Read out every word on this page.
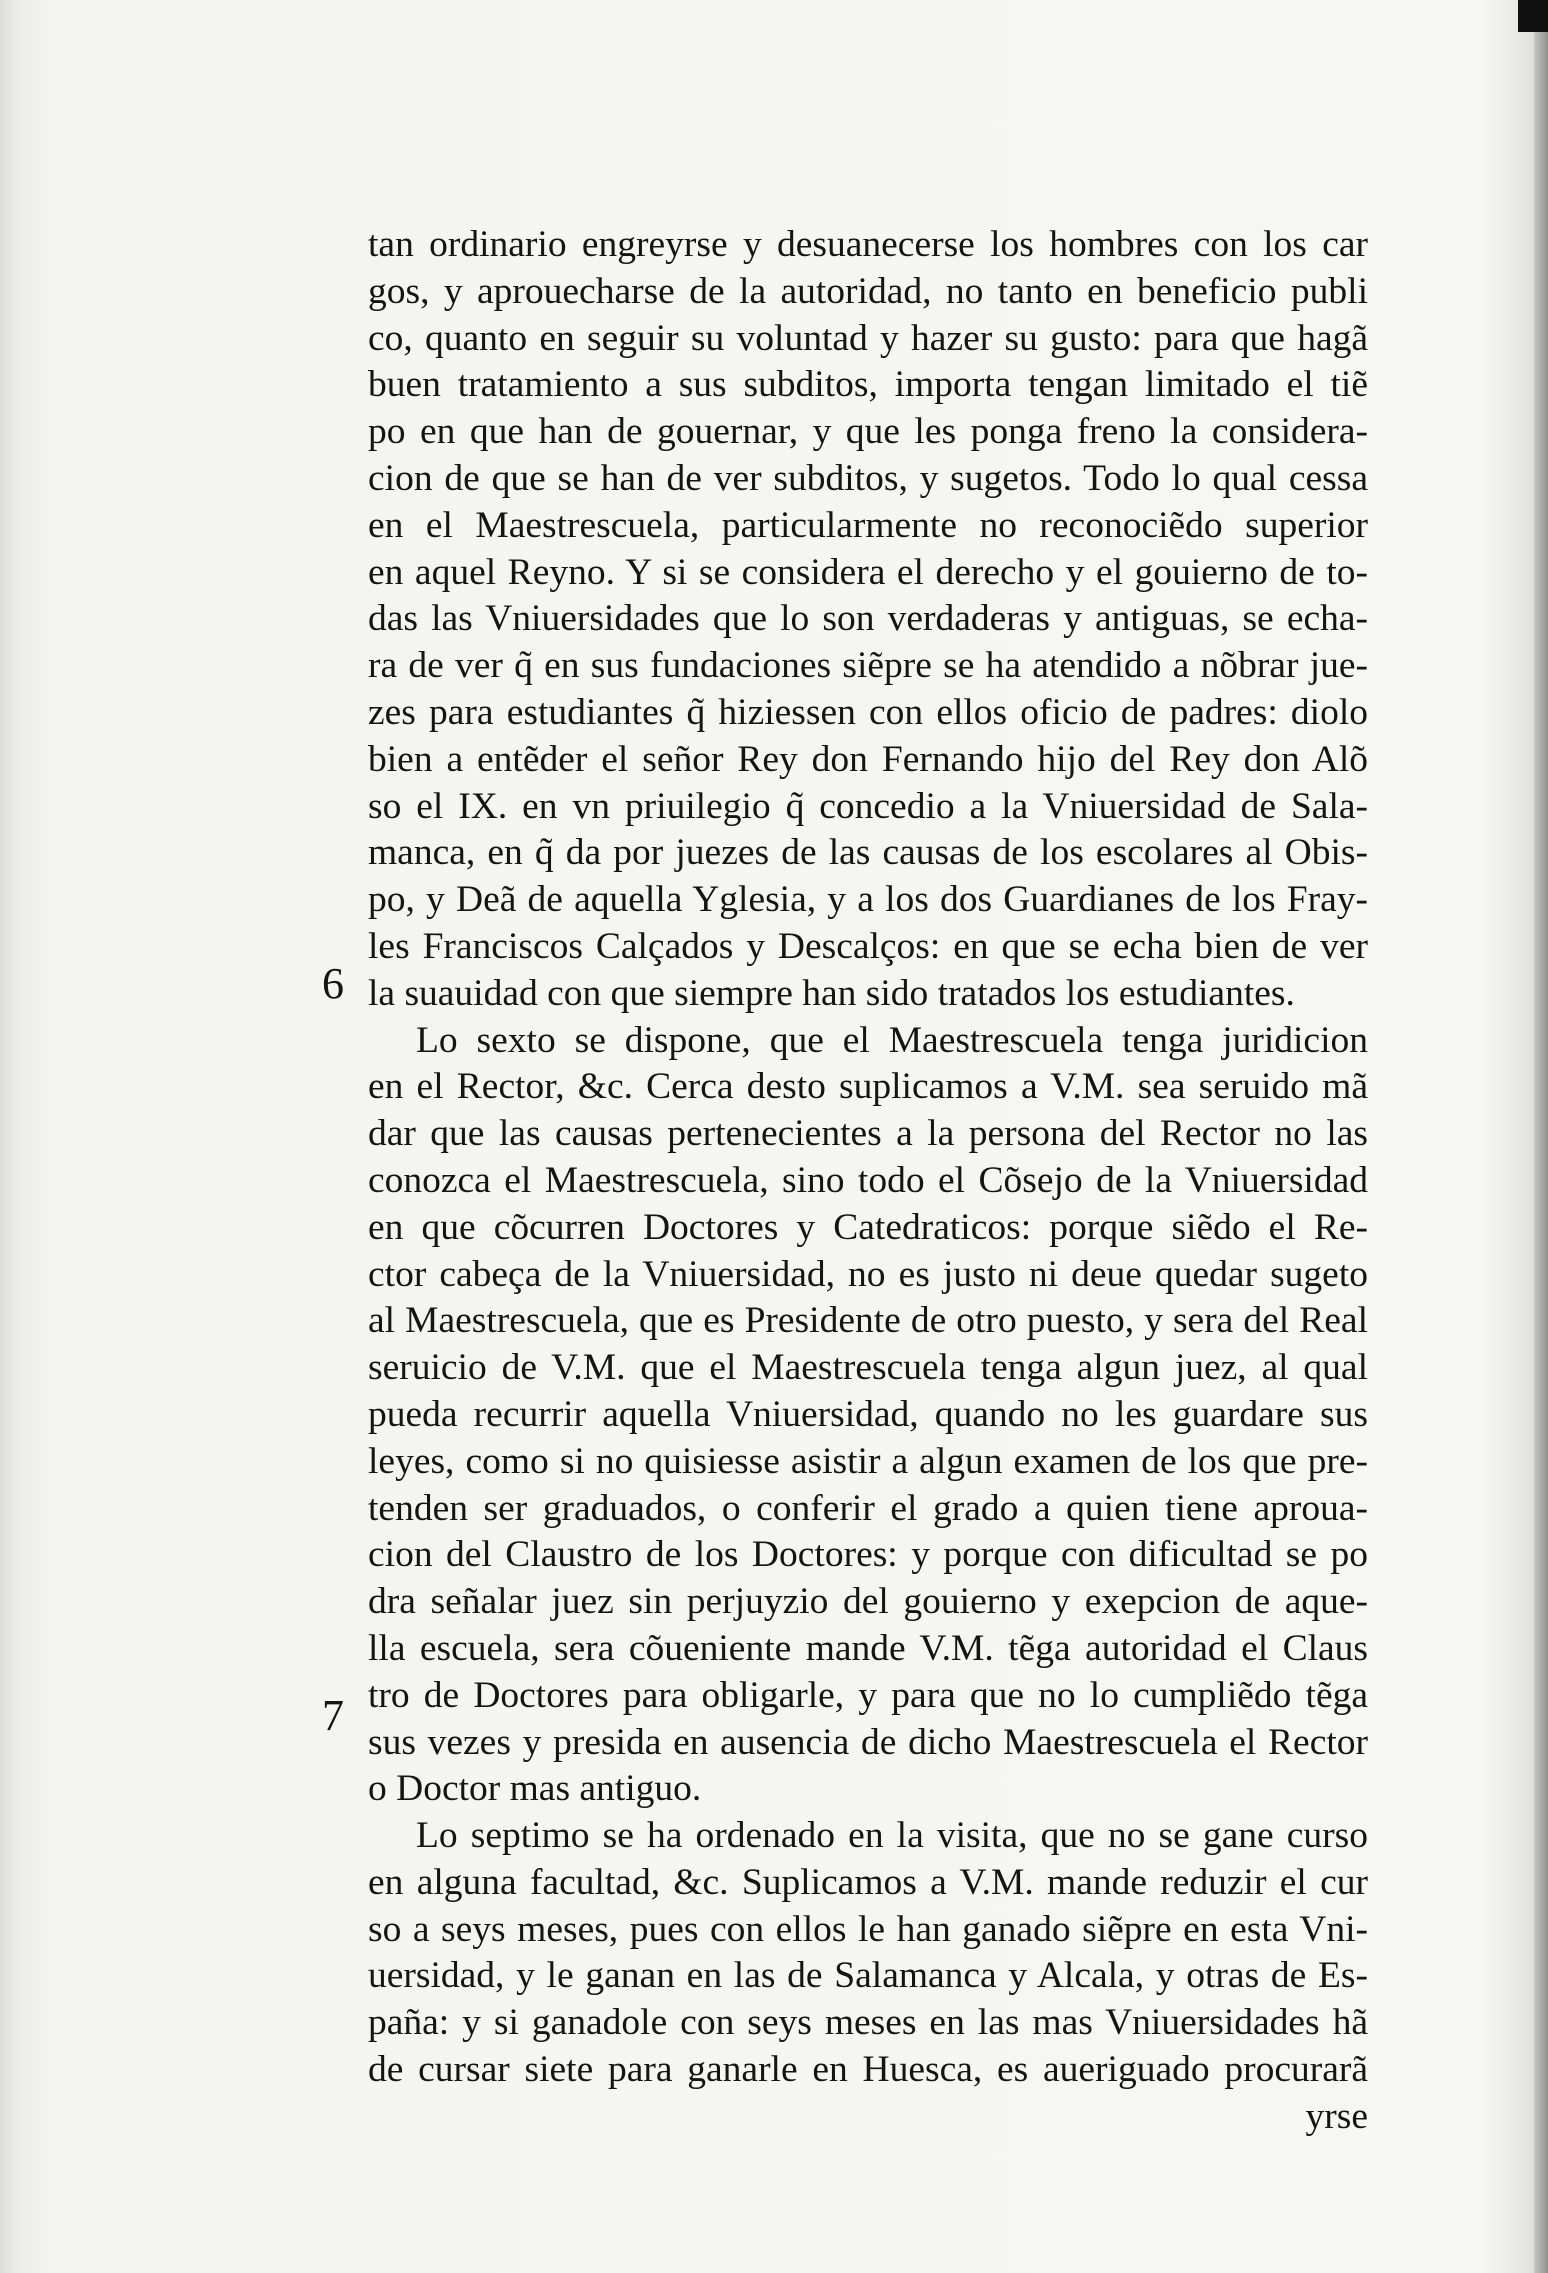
6
7
tan ordinario engreyrse y desuanecerse los hombres con los car
gos, y aprouecharse de la autoridad, no tanto en beneficio publi
co, quanto en seguir su voluntad y hazer su gusto: para que hagã
buen tratamiento a sus subditos, importa tengan limitado el tiẽ
po en que han de gouernar, y que les ponga freno la considera-
cion de que se han de ver subditos, y sugetos. Todo lo qual cessa
en el Maestrescuela, particularmente no reconociẽdo superior
en aquel Reyno. Y si se considera el derecho y el gouierno de to-
das las Vniuersidades que lo son verdaderas y antiguas, se echa-
ra de ver q̃ en sus fundaciones siẽpre se ha atendido a nõbrar jue-
zes para estudiantes q̃ hiziessen con ellos oficio de padres: diolo
bien a entẽder el señor Rey don Fernando hijo del Rey don Alõ
so el IX. en vn priuilegio q̃ concedio a la Vniuersidad de Sala-
manca, en q̃ da por juezes de las causas de los escolares al Obis-
po, y Deã de aquella Yglesia, y a los dos Guardianes de los Fray-
les Franciscos Calçados y Descalços: en que se echa bien de ver
la suauidad con que siempre han sido tratados los estudiantes.
Lo sexto se dispone, que el Maestrescuela tenga juridicion
en el Rector, &c. Cerca desto suplicamos a V.M. sea seruido mã
dar que las causas pertenecientes a la persona del Rector no las
conozca el Maestrescuela, sino todo el Cõsejo de la Vniuersidad
en que cõcurren Doctores y Catedraticos: porque siẽdo el Re-
ctor cabeça de la Vniuersidad, no es justo ni deue quedar sugeto
al Maestrescuela, que es Presidente de otro puesto, y sera del Real
seruicio de V.M. que el Maestrescuela tenga algun juez, al qual
pueda recurrir aquella Vniuersidad, quando no les guardare sus
leyes, como si no quisiesse asistir a algun examen de los que pre-
tenden ser graduados, o conferir el grado a quien tiene aproua-
cion del Claustro de los Doctores: y porque con dificultad se po
dra señalar juez sin perjuyzio del gouierno y exepcion de aque-
lla escuela, sera cõueniente mande V.M. tẽga autoridad el Claus
tro de Doctores para obligarle, y para que no lo cumpliẽdo tẽga
sus vezes y presida en ausencia de dicho Maestrescuela el Rector
o Doctor mas antiguo.
Lo septimo se ha ordenado en la visita, que no se gane curso
en alguna facultad, &c. Suplicamos a V.M. mande reduzir el cur
so a seys meses, pues con ellos le han ganado siẽpre en esta Vni-
uersidad, y le ganan en las de Salamanca y Alcala, y otras de Es-
paña: y si ganadole con seys meses en las mas Vniuersidades hã
de cursar siete para ganarle en Huesca, es aueriguado procurarã
yrse
